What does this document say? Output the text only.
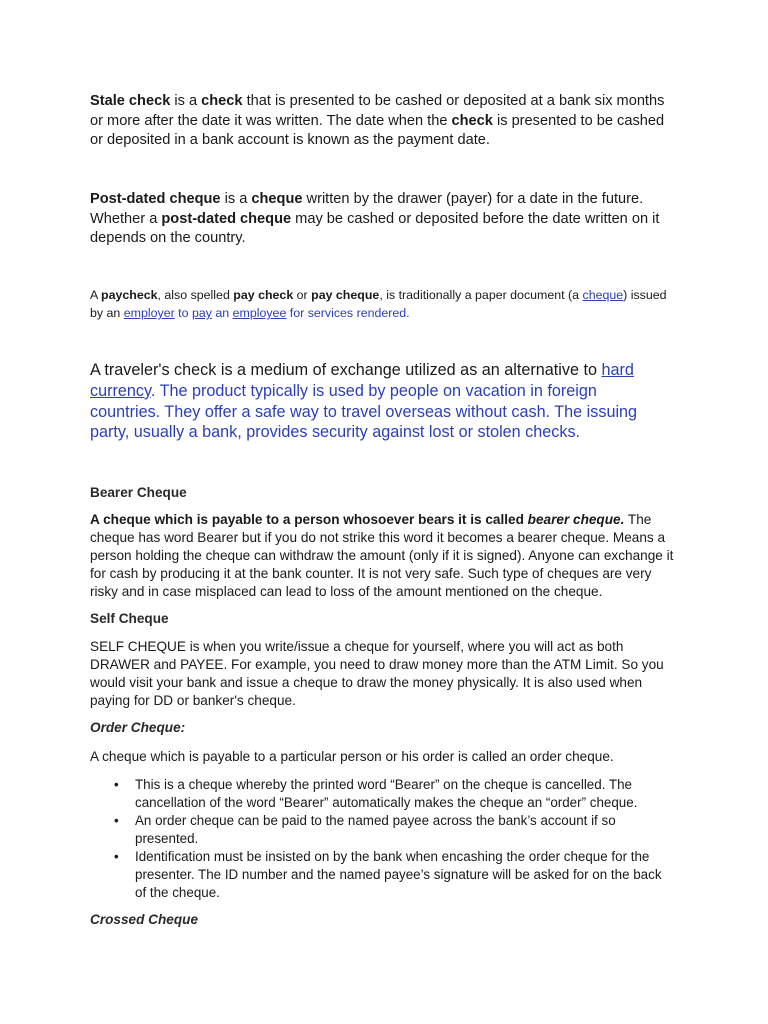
Stale check is a check that is presented to be cashed or deposited at a bank six months or more after the date it was written. The date when the check is presented to be cashed or deposited in a bank account is known as the payment date.

Post-dated cheque is a cheque written by the drawer (payer) for a date in the future. Whether a post-dated cheque may be cashed or deposited before the date written on it depends on the country.

A paycheck, also spelled pay check or pay cheque, is traditionally a paper document (a cheque) issued by an employer to pay an employee for services rendered.

A traveler's check is a medium of exchange utilized as an alternative to hard currency. The product typically is used by people on vacation in foreign countries. They offer a safe way to travel overseas without cash. The issuing party, usually a bank, provides security against lost or stolen checks.

Bearer Cheque

A cheque which is payable to a person whosoever bears it is called bearer cheque. The cheque has word Bearer but if you do not strike this word it becomes a bearer cheque. Means a person holding the cheque can withdraw the amount (only if it is signed). Anyone can exchange it for cash by producing it at the bank counter. It is not very safe. Such type of cheques are very risky and in case misplaced can lead to loss of the amount mentioned on the cheque.

Self Cheque

SELF CHEQUE is when you write/issue a cheque for yourself, where you will act as both DRAWER and PAYEE. For example, you need to draw money more than the ATM Limit. So you would visit your bank and issue a cheque to draw the money physically. It is also used when paying for DD or banker's cheque.

Order Cheque:

A cheque which is payable to a particular person or his order is called an order cheque.

• This is a cheque whereby the printed word “Bearer” on the cheque is cancelled. The cancellation of the word “Bearer” automatically makes the cheque an “order” cheque.
• An order cheque can be paid to the named payee across the bank’s account if so presented.
• Identification must be insisted on by the bank when encashing the order cheque for the presenter. The ID number and the named payee’s signature will be asked for on the back of the cheque.

Crossed Cheque
